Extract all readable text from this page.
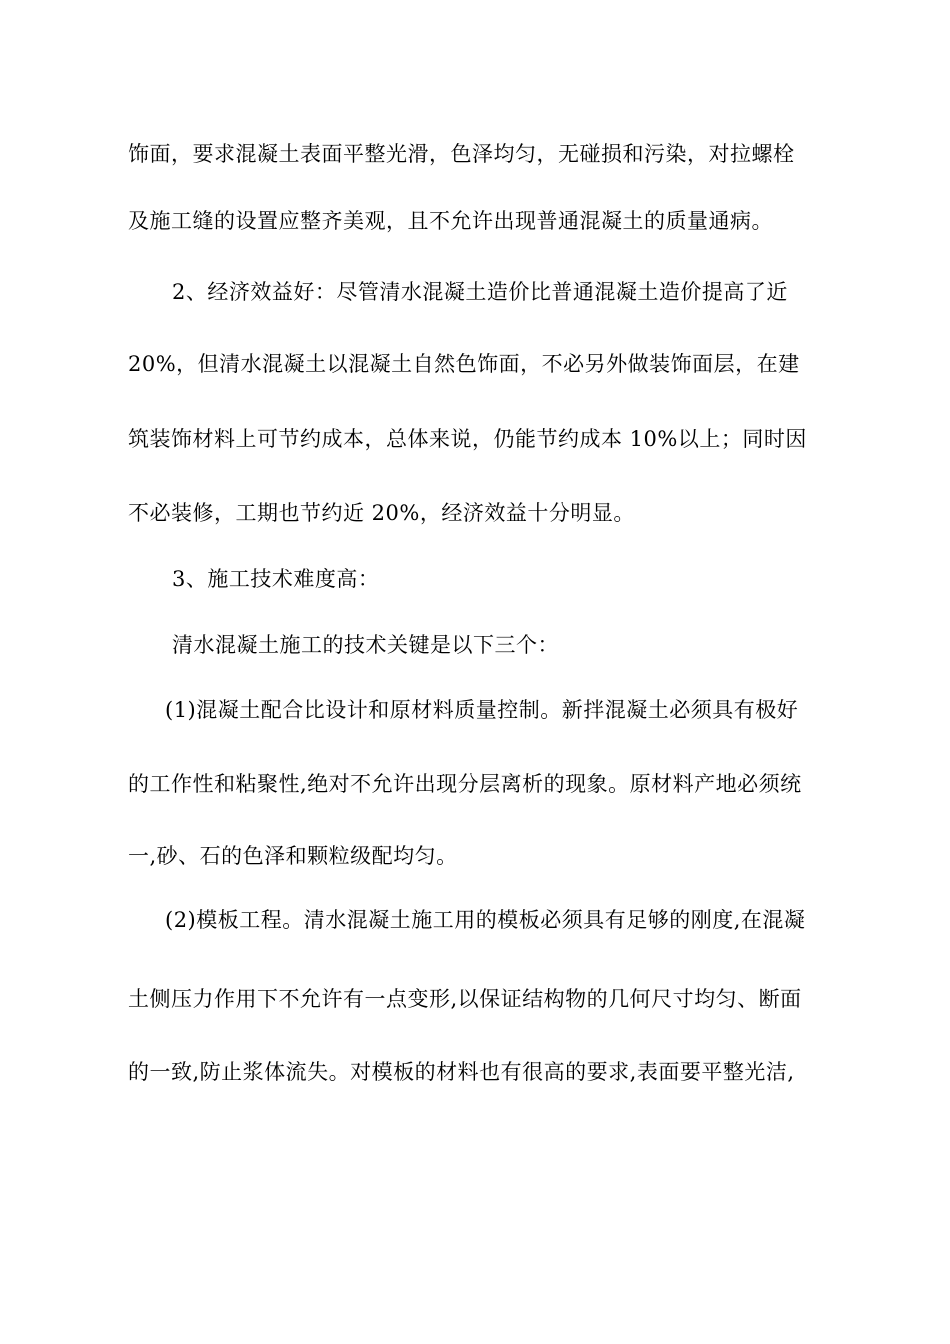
饰面，要求混凝土表面平整光滑，色泽均匀，无碰损和污染，对拉螺栓
及施工缝的设置应整齐美观，且不允许出现普通混凝土的质量通病。
2、经济效益好：尽管清水混凝土造价比普通混凝土造价提高了近
20%，但清水混凝土以混凝土自然色饰面，不必另外做装饰面层，在建
筑装饰材料上可节约成本，总体来说，仍能节约成本 10%以上；同时因
不必装修，工期也节约近 20%，经济效益十分明显。
3、施工技术难度高：
清水混凝土施工的技术关键是以下三个：
(1)混凝土配合比设计和原材料质量控制。新拌混凝土必须具有极好
的工作性和粘聚性,绝对不允许出现分层离析的现象。原材料产地必须统
一,砂、石的色泽和颗粒级配均匀。
(2)模板工程。清水混凝土施工用的模板必须具有足够的刚度,在混凝
土侧压力作用下不允许有一点变形,以保证结构物的几何尺寸均匀、断面
的一致,防止浆体流失。对模板的材料也有很高的要求,表面要平整光洁,
